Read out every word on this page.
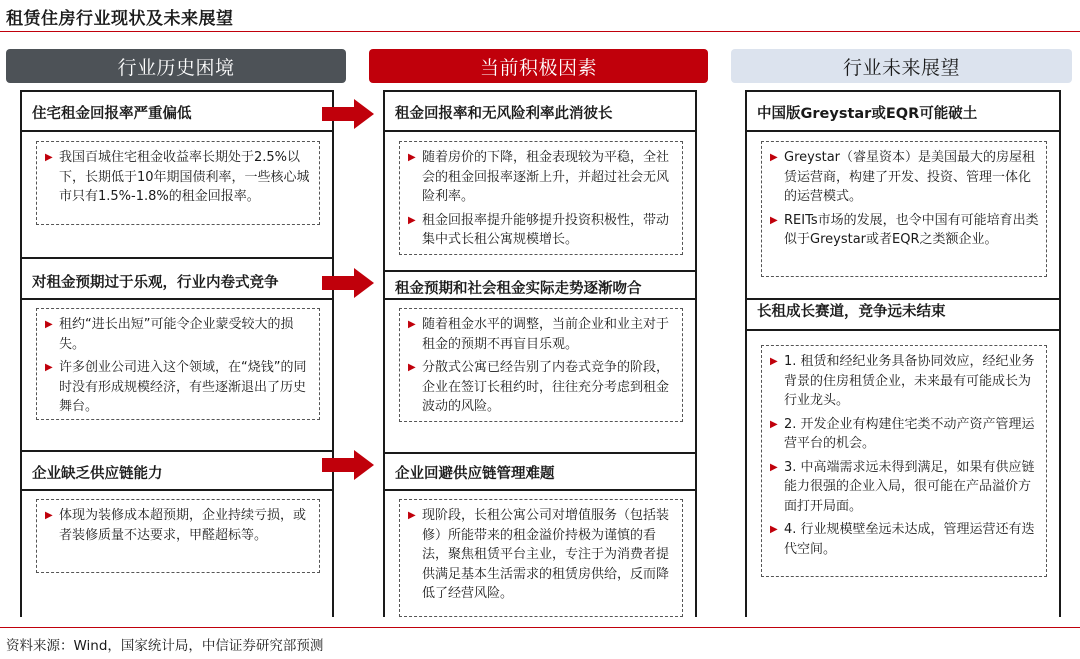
租赁住房行业现状及未来展望
行业历史困境
住宅租金回报率严重偏低
▶ 我国百城住宅租金收益率长期处于2.5%以下，长期低于10年期国债利率，一些核心城市只有1.5%-1.8%的租金回报率。
对租金预期过于乐观，行业内卷式竞争
▶ 租约“进长出短”可能令企业蒙受较大的损失。
▶ 许多创业公司进入这个领域，在“烧钱”的同时没有形成规模经济，有些逐渐退出了历史舞台。
企业缺乏供应链能力
▶ 体现为装修成本超预期，企业持续亏损，或者装修质量不达要求，甲醛超标等。
当前积极因素
租金回报率和无风险利率此消彼长
▶ 随着房价的下降，租金表现较为平稳，全社会的租金回报率逐渐上升，并超过社会无风险利率。
▶ 租金回报率提升能够提升投资积极性，带动集中式长租公寓规模增长。
租金预期和社会租金实际走势逐渐吻合
▶ 随着租金水平的调整，当前企业和业主对于租金的预期不再盲目乐观。
▶ 分散式公寓已经告别了内卷式竞争的阶段，企业在签订长租约时，往往充分考虑到租金波动的风险。
企业回避供应链管理难题
▶ 现阶段，长租公寓公司对增值服务（包括装修）所能带来的租金溢价持极为谨慎的看法，聚焦租赁平台主业，专注于为消费者提供满足基本生活需求的租赁房供给，反而降低了经营风险。
行业未来展望
中国版Greystar或EQR可能破土
▶ Greystar（睿星资本）是美国最大的房屋租赁运营商，构建了开发、投资、管理一体化的运营模式。
▶ REITs市场的发展，也令中国有可能培育出类似于Greystar或者EQR之类额企业。
长租成长赛道，竞争远未结束
▶ 1. 租赁和经纪业务具备协同效应，经纪业务背景的住房租赁企业，未来最有可能成长为行业龙头。
▶ 2. 开发企业有构建住宅类不动产资产管理运营平台的机会。
▶ 3. 中高端需求远未得到满足，如果有供应链能力很强的企业入局，很可能在产品溢价方面打开局面。
▶ 4. 行业规模壁垒远未达成，管理运营还有迭代空间。
资料来源：Wind，国家统计局，中信证券研究部预测
